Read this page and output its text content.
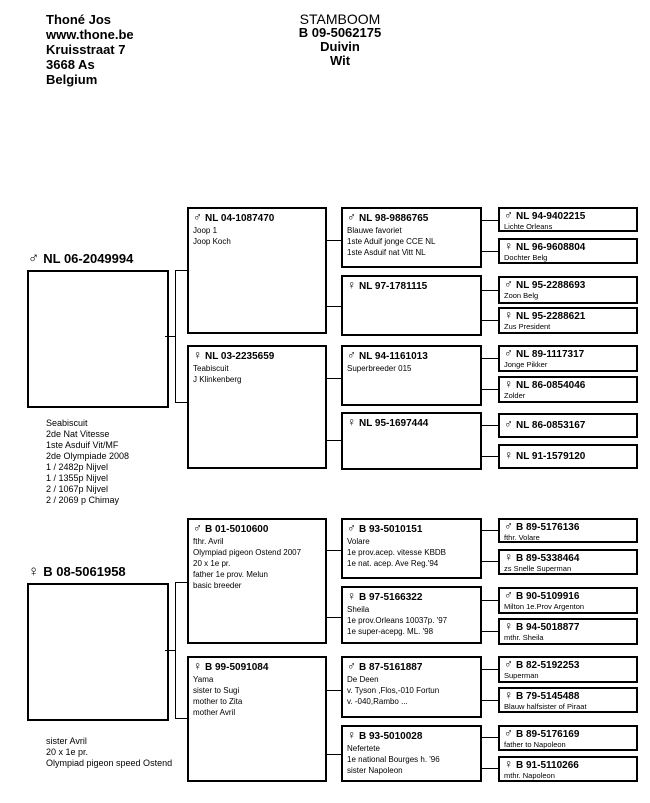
Thoné Jos
www.thone.be
Kruisstraat 7
3668 As
Belgium
STAMBOOM
B 09-5062175
Duivin
Wit
♂ NL 06-2049994
Seabiscuit
2de Nat Vitesse
1ste Asduif Vit/MF
2de Olympiade 2008
1 / 2482p Nijvel
1 / 1355p Nijvel
2 / 1067p Nijvel
2 / 2069 p Chimay
♀ B 08-5061958
sister Avril
20 x 1e pr.
Olympiad pigeon speed Ostend
♂ NL 04-1087470
Joop 1
Joop Koch
♀ NL 03-2235659
Teabiscuit
J Klinkenberg
♂ B 01-5010600
fthr. Avril
Olympiad pigeon Ostend 2007
20 x 1e pr.
father 1e prov. Melun
basic breeder
♀ B 99-5091084
Yama
sister to Sugi
mother to Zita
mother Avril
♂ NL 98-9886765
Blauwe favoriet
1ste Aduif jonge CCE NL
1ste Asduif nat Vitt NL
♀ NL 97-1781115
♂ NL 94-1161013
Superbreeder 015
♀ NL 95-1697444
♂ B 93-5010151
Volare
1e prov.acep. vitesse KBDB
1e nat. acep. Ave Reg.'94
♀ B 97-5166322
Sheila
1e prov.Orleans 10037p. '97
1e super-acepg. ML. '98
♂ B 87-5161887
De Deen
v. Tyson ,Flos,-010 Fortun
v. -040,Rambo ...
♀ B 93-5010028
Nefertete
1e national Bourges h. '96
sister Napoleon
♂ NL 94-9402215
Lichte Orleans
♀ NL 96-9608804
Dochter Belg
♂ NL 95-2288693
Zoon Belg
♀ NL 95-2288621
Zus President
♂ NL 89-1117317
Jonge Pikker
♀ NL 86-0854046
Zolder
♂ NL 86-0853167
♀ NL 91-1579120
♂ B 89-5176136
fthr. Volare
♀ B 89-5338464
zs Snelle Superman
♂ B 90-5109916
Milton 1e.Prov Argenton
♀ B 94-5018877
mthr. Sheila
♂ B 82-5192253
Superman
♀ B 79-5145488
Blauw halfsister of Piraat
♂ B 89-5176169
father to Napoleon
♀ B 91-5110266
mthr. Napoleon
